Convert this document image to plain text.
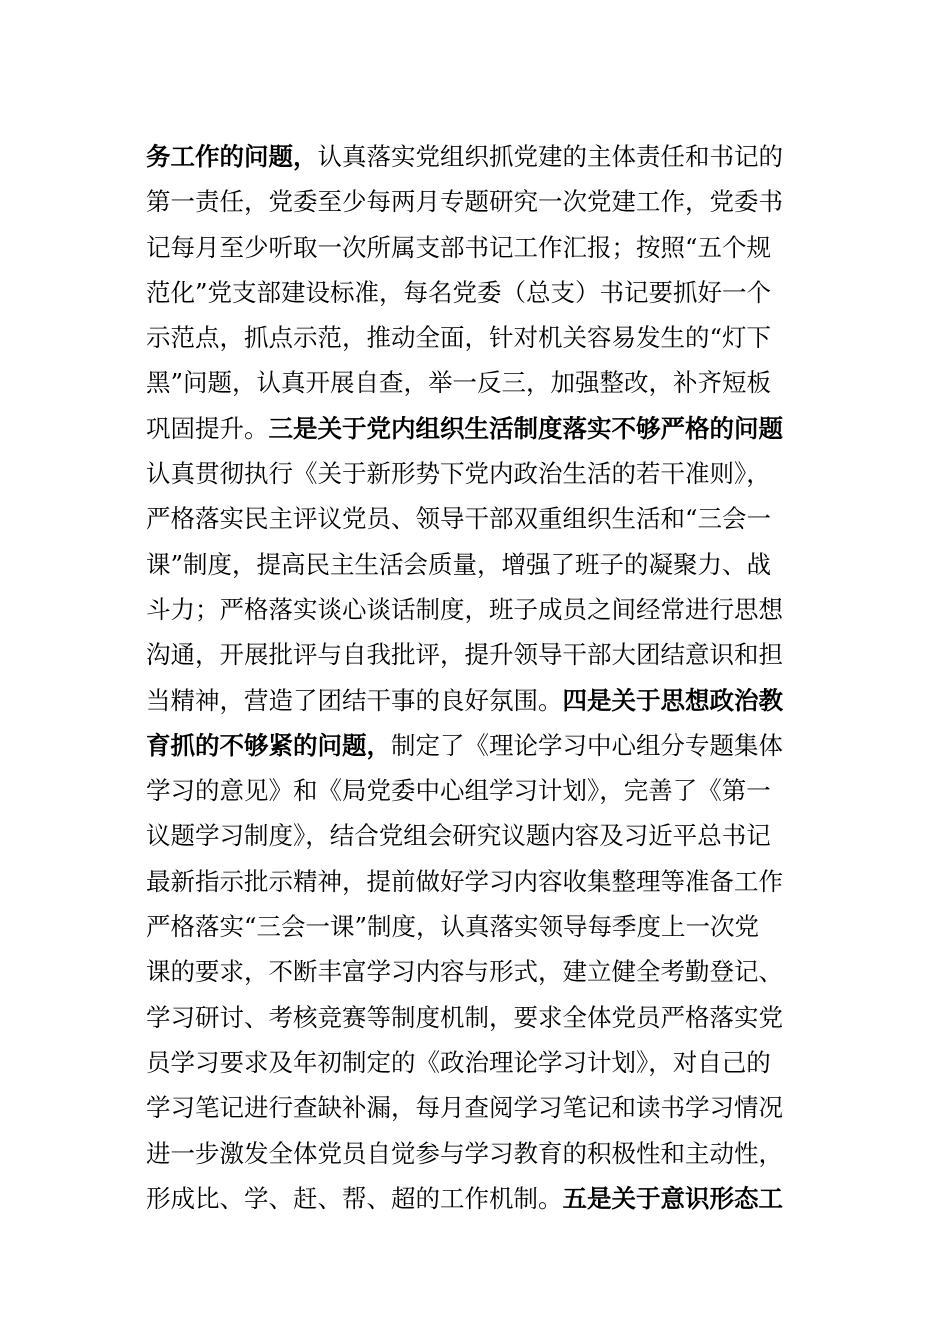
务工作的问题，认真落实党组织抓党建的主体责任和书记的
第一责任，党委至少每两月专题研究一次党建工作，党委书
记每月至少听取一次所属支部书记工作汇报；按照“五个规
范化”党支部建设标准，每名党委（总支）书记要抓好一个
示范点，抓点示范，推动全面，针对机关容易发生的“灯下
黑”问题，认真开展自查，举一反三，加强整改，补齐短板
巩固提升。三是关于党内组织生活制度落实不够严格的问题
认真贯彻执行《关于新形势下党内政治生活的若干准则》，
严格落实民主评议党员、领导干部双重组织生活和“三会一
课”制度，提高民主生活会质量，增强了班子的凝聚力、战
斗力；严格落实谈心谈话制度，班子成员之间经常进行思想
沟通，开展批评与自我批评，提升领导干部大团结意识和担
当精神，营造了团结干事的良好氛围。四是关于思想政治教
育抓的不够紧的问题，制定了《理论学习中心组分专题集体
学习的意见》和《局党委中心组学习计划》，完善了《第一
议题学习制度》，结合党组会研究议题内容及习近平总书记
最新指示批示精神，提前做好学习内容收集整理等准备工作
严格落实“三会一课”制度，认真落实领导每季度上一次党
课的要求，不断丰富学习内容与形式，建立健全考勤登记、
学习研讨、考核竞赛等制度机制，要求全体党员严格落实党
员学习要求及年初制定的《政治理论学习计划》，对自己的
学习笔记进行查缺补漏，每月查阅学习笔记和读书学习情况
进一步激发全体党员自觉参与学习教育的积极性和主动性，
形成比、学、赶、帮、超的工作机制。五是关于意识形态工
